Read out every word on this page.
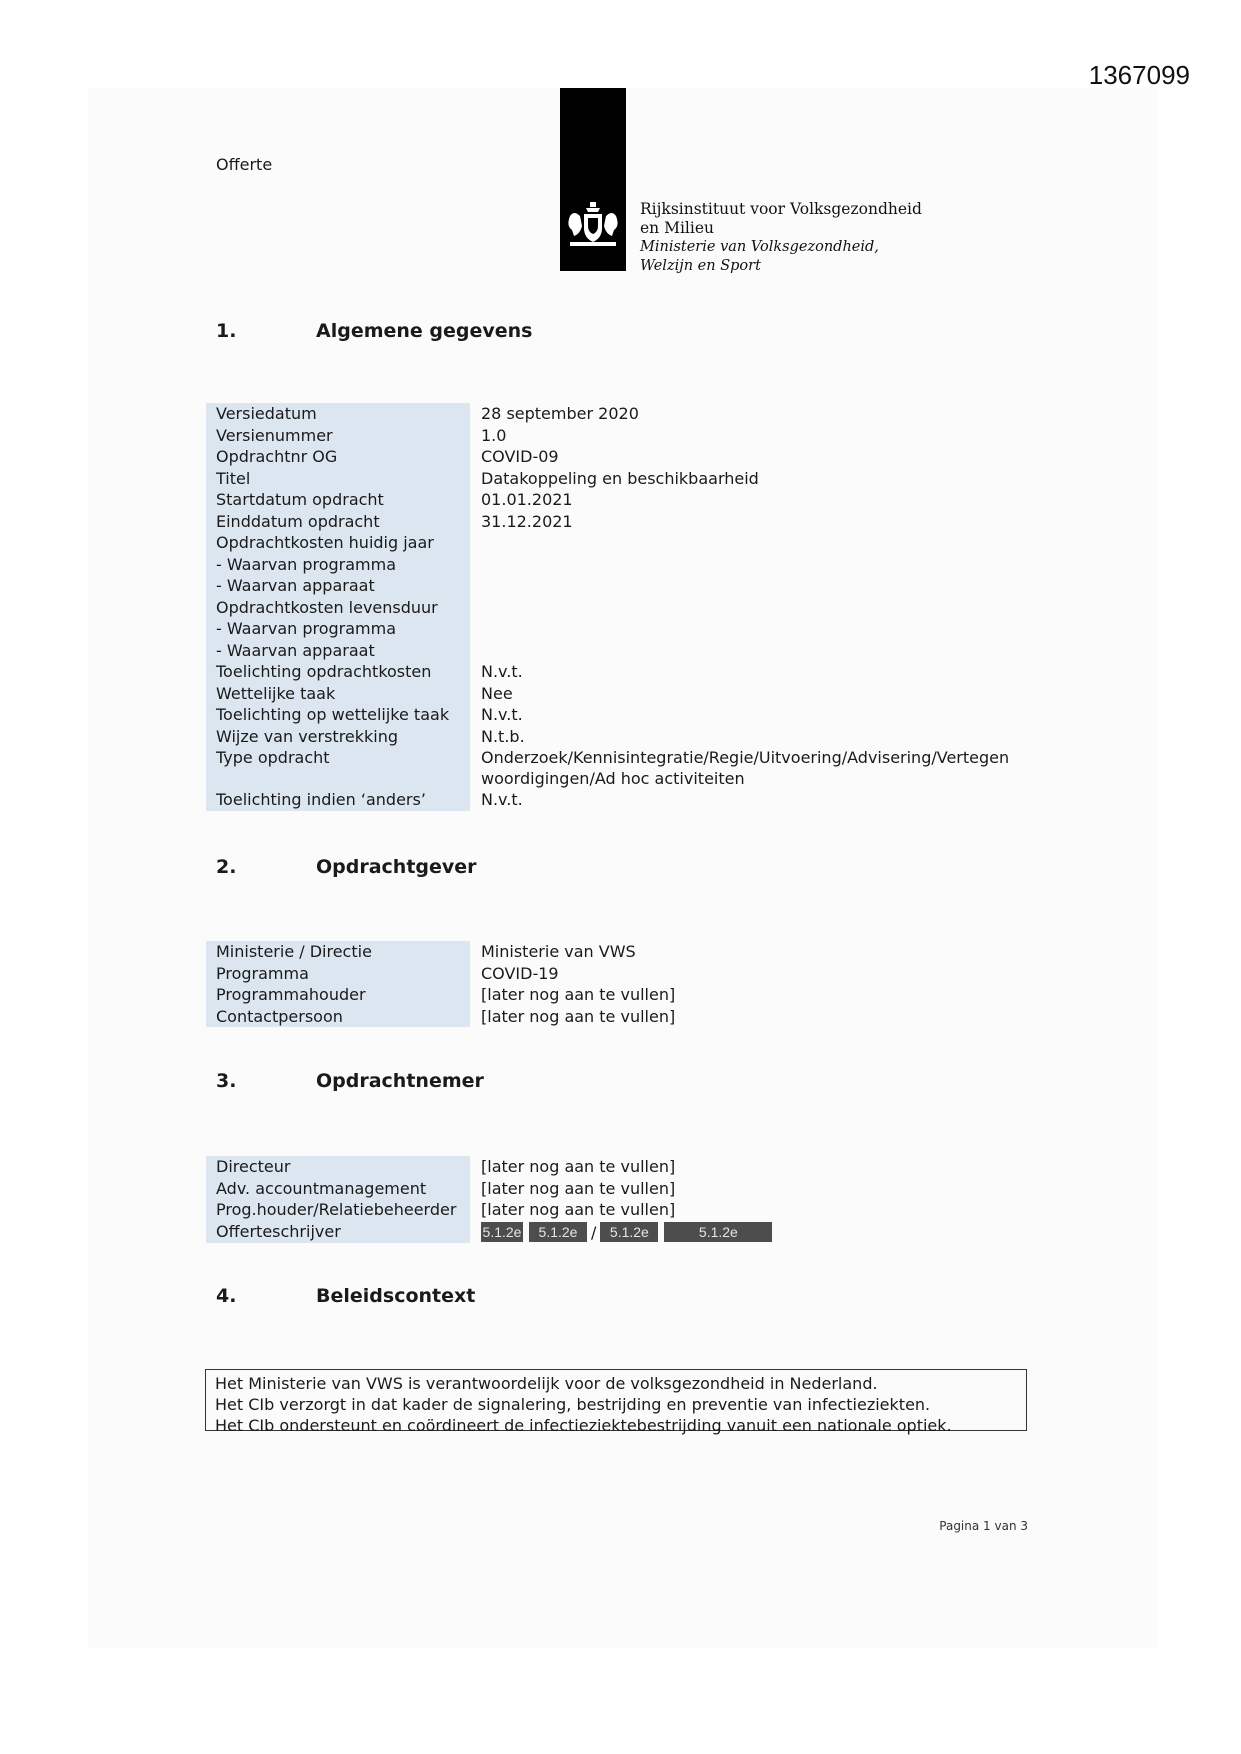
1367099
Offerte
Rijksinstituut voor Volksgezondheid
en Milieu
Ministerie van Volksgezondheid,
Welzijn en Sport
1.	Algemene gegevens
Versiedatum	28 september 2020
Versienummer	1.0
Opdrachtnr OG	COVID-09
Titel	Datakoppeling en beschikbaarheid
Startdatum opdracht	01.01.2021
Einddatum opdracht	31.12.2021
Opdrachtkosten huidig jaar	
- Waarvan programma	
- Waarvan apparaat	
Opdrachtkosten levensduur	
- Waarvan programma	
- Waarvan apparaat	
Toelichting opdrachtkosten	N.v.t.
Wettelijke taak	Nee
Toelichting op wettelijke taak	N.v.t.
Wijze van verstrekking	N.t.b.
Type opdracht	Onderzoek/Kennisintegratie/Regie/Uitvoering/Advisering/Vertegen
woordigingen/Ad hoc activiteiten
Toelichting indien ‘anders’	N.v.t.
2.	Opdrachtgever
Ministerie / Directie	Ministerie van VWS
Programma	COVID-19
Programmahouder	[later nog aan te vullen]
Contactpersoon	[later nog aan te vullen]
3.	Opdrachtnemer
Directeur	[later nog aan te vullen]
Adv. accountmanagement	[later nog aan te vullen]
Prog.houder/Relatiebeheerder	[later nog aan te vullen]
Offerteschrijver	5.1.2e 5.1.2e / 5.1.2e 5.1.2e
4.	Beleidscontext
Het Ministerie van VWS is verantwoordelijk voor de volksgezondheid in Nederland.
Het CIb verzorgt in dat kader de signalering, bestrijding en preventie van infectieziekten.
Het CIb ondersteunt en coördineert de infectieziektebestrijding vanuit een nationale optiek.
Pagina 1 van 3
